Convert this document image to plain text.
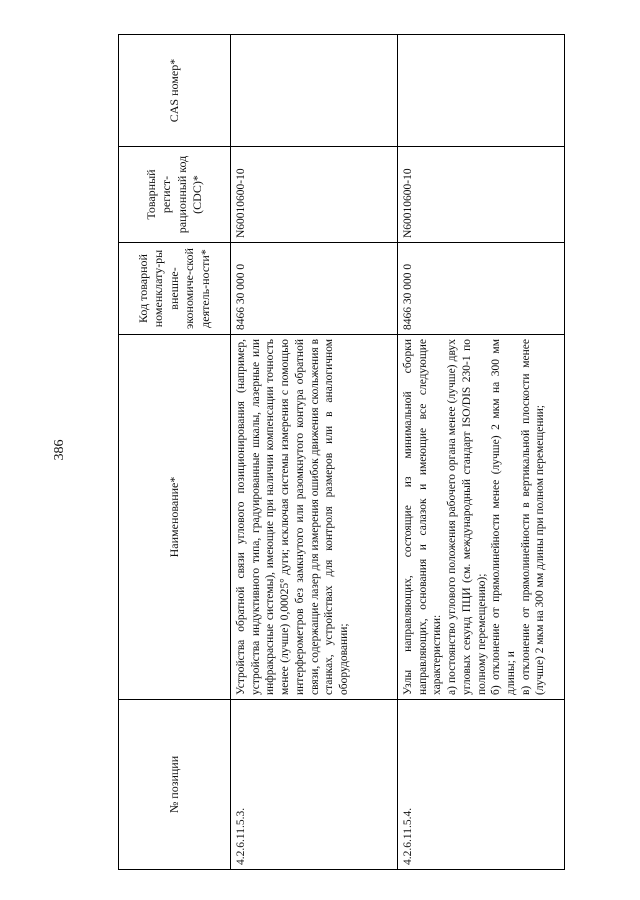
386
№ позиции	Наименование*	Код товарной номенклату-ры внешне-экономиче-ской деятель-ности*	Товарный регист-рационный код (CDC)*	CAS номер*
4.2.6.11.5.3.	Устройства обратной связи углового позиционирования (например, устройства индуктивного типа, градуированные шкалы, лазерные или инфракрасные системы), имеющие при наличии компенсации точность менее (лучше) 0,00025° дуги; исключая системы измерения с помощью интерферометров без замкнутого или разомкнутого контура обратной связи, содержащие лазер для измерения ошибок движения скольжения в станках, устройствах для контроля размеров или в аналогичном оборудовании;	8466 30 000 0	N60010600-10	
4.2.6.11.5.4.	Узлы направляющих, состоящие из минимальной сборки направляющих, основания и салазок и имеющие все следующие характеристики: а) постоянство углового положения рабочего органа менее (лучше) двух угловых секунд ПЦИ (см. международный стандарт ISO/DIS 230-1 по полному перемещению); б) отклонение от прямолинейности менее (лучше) 2 мкм на 300 мм длины; и в) отклонение от прямолинейности в вертикальной плоскости менее (лучше) 2 мкм на 300 мм длины при полном перемещении;	8466 30 000 0	N60010600-10	
